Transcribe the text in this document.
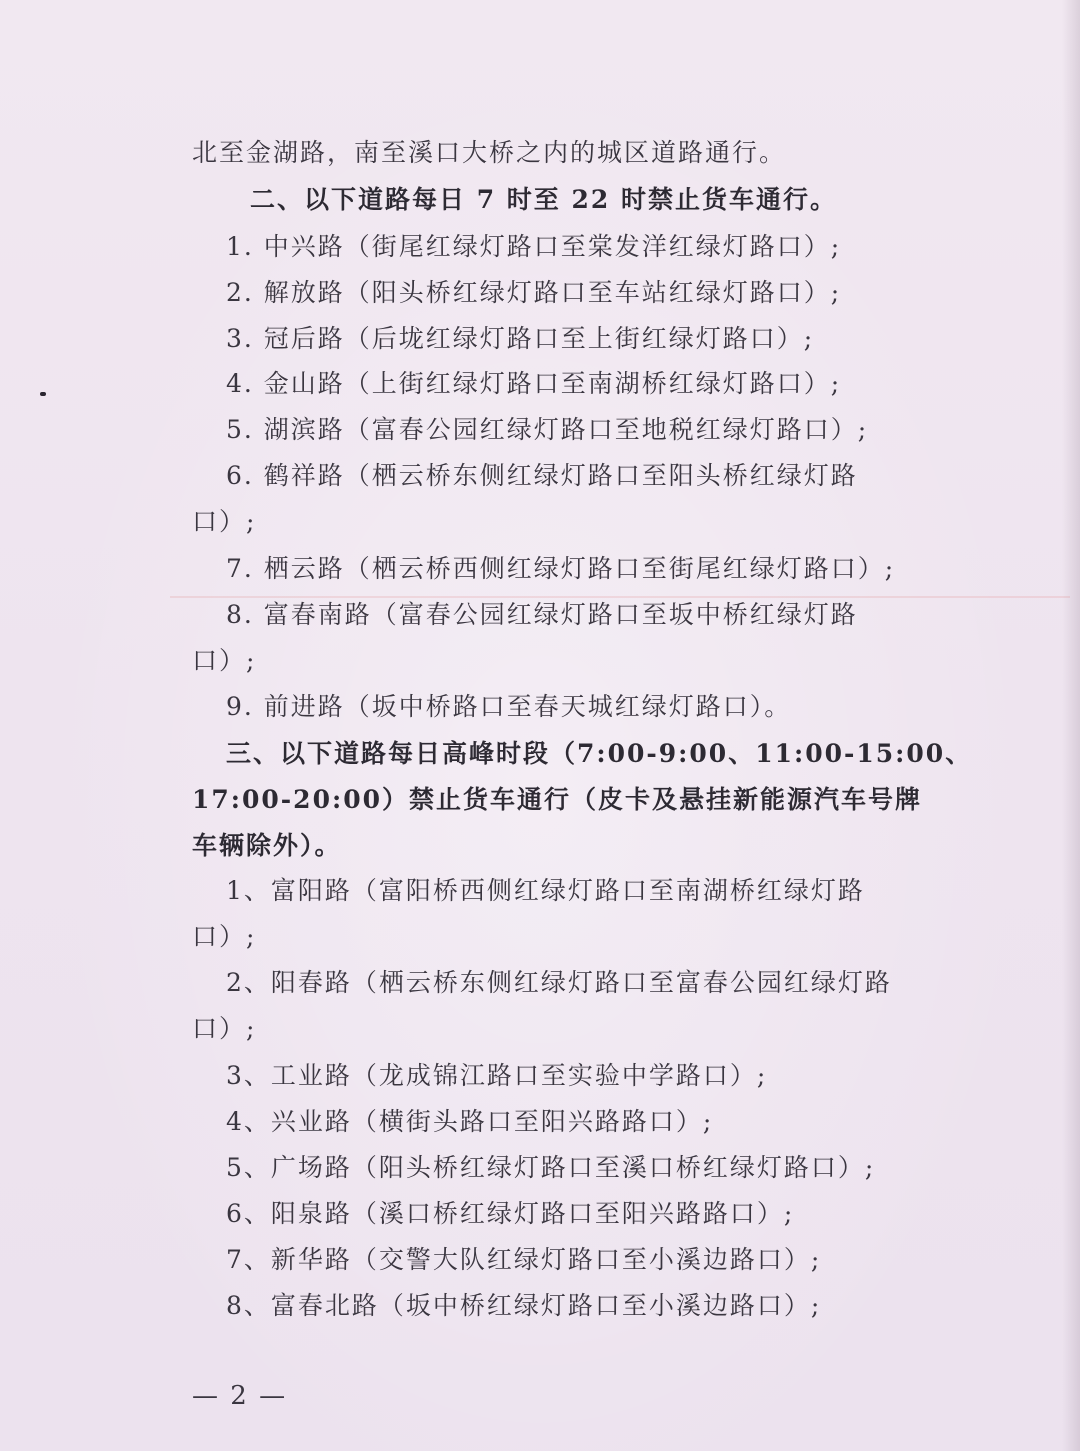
北至金湖路，南至溪口大桥之内的城区道路通行。
二、以下道路每日 7 时至 22 时禁止货车通行。
1. 中兴路（街尾红绿灯路口至棠发洋红绿灯路口）;
2. 解放路（阳头桥红绿灯路口至车站红绿灯路口）;
3. 冠后路（后垅红绿灯路口至上街红绿灯路口）;
4. 金山路（上街红绿灯路口至南湖桥红绿灯路口）;
5. 湖滨路（富春公园红绿灯路口至地税红绿灯路口）;
6. 鹤祥路（栖云桥东侧红绿灯路口至阳头桥红绿灯路
口）;
7. 栖云路（栖云桥西侧红绿灯路口至街尾红绿灯路口）;
8. 富春南路（富春公园红绿灯路口至坂中桥红绿灯路
口）;
9. 前进路（坂中桥路口至春天城红绿灯路口）。
三、以下道路每日高峰时段（7:00-9:00、11:00-15:00、
17:00-20:00）禁止货车通行（皮卡及悬挂新能源汽车号牌
车辆除外）。
1、富阳路（富阳桥西侧红绿灯路口至南湖桥红绿灯路
口）;
2、阳春路（栖云桥东侧红绿灯路口至富春公园红绿灯路
口）;
3、工业路（龙成锦江路口至实验中学路口）;
4、兴业路（横街头路口至阳兴路路口）;
5、广场路（阳头桥红绿灯路口至溪口桥红绿灯路口）;
6、阳泉路（溪口桥红绿灯路口至阳兴路路口）;
7、新华路（交警大队红绿灯路口至小溪边路口）;
8、富春北路（坂中桥红绿灯路口至小溪边路口）;
— 2 —
